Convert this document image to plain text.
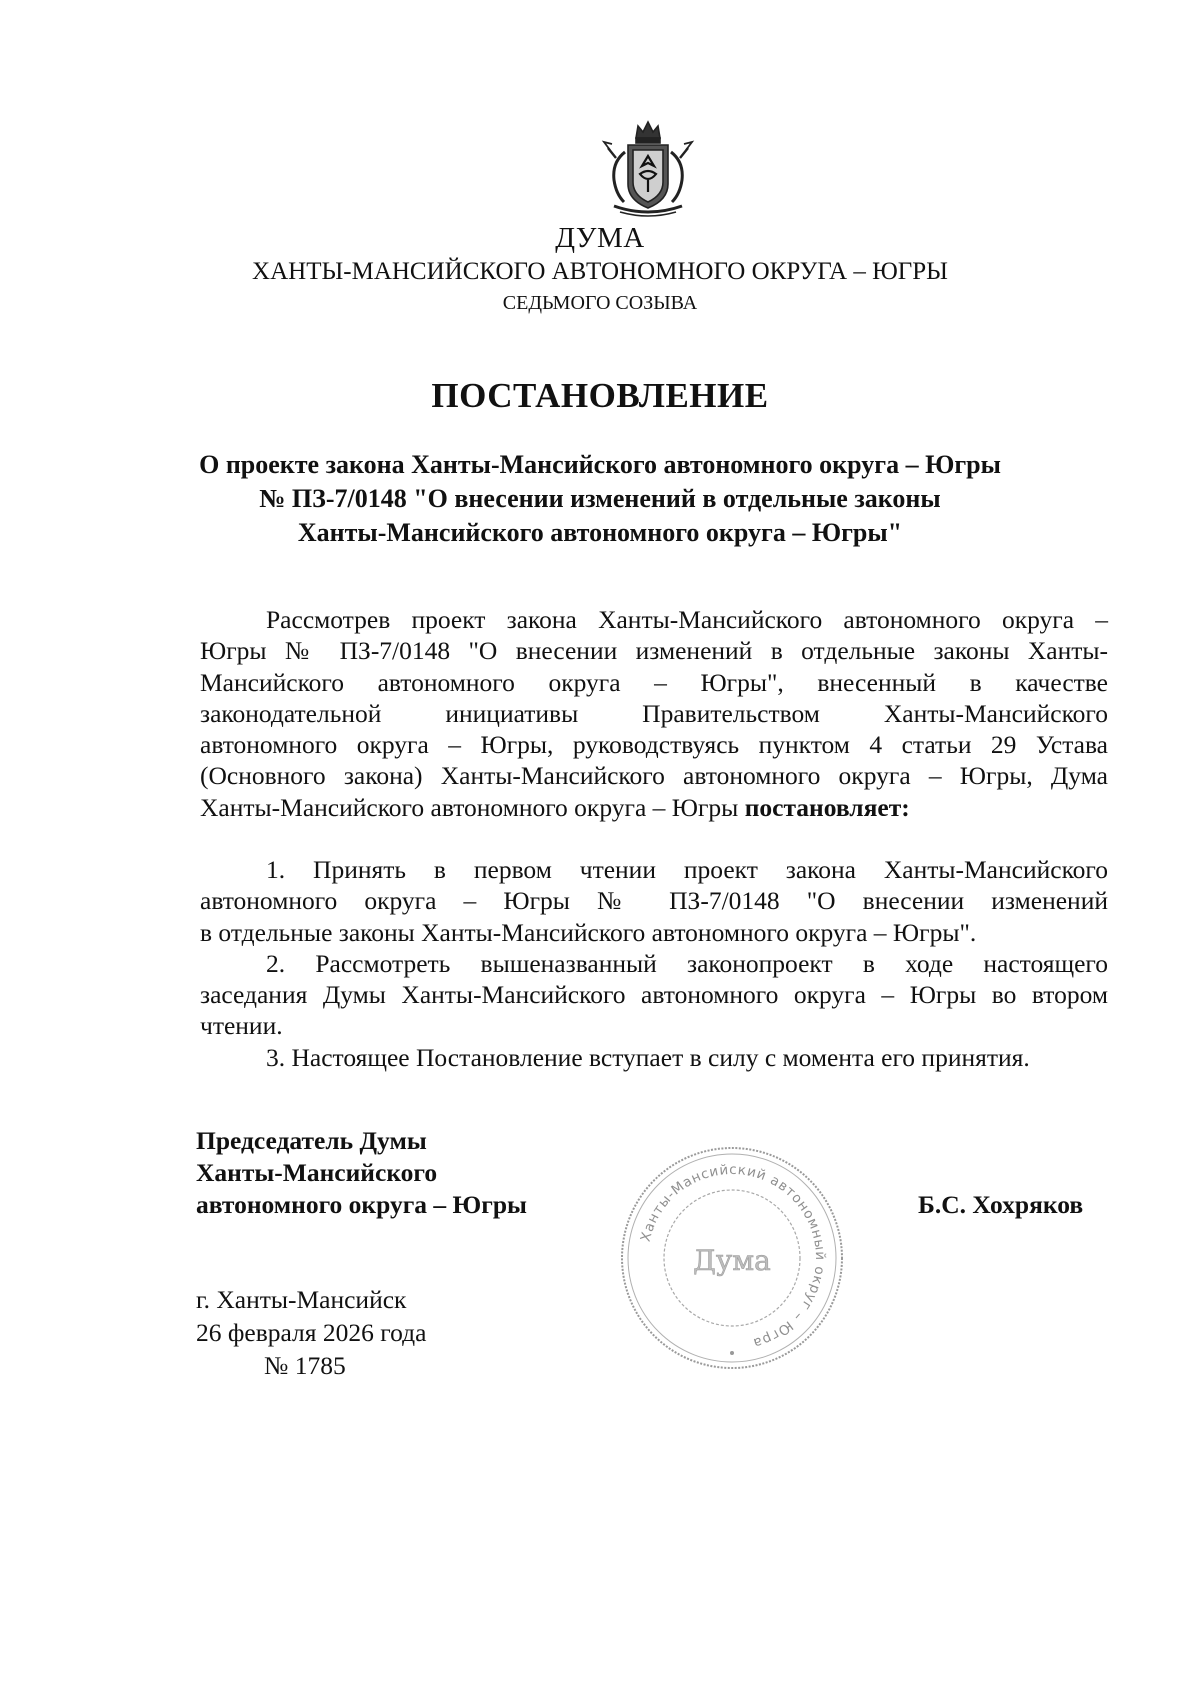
ДУМА
ХАНТЫ-МАНСИЙСКОГО АВТОНОМНОГО ОКРУГА – ЮГРЫ
СЕДЬМОГО СОЗЫВА
ПОСТАНОВЛЕНИЕ
О проекте закона Ханты-Мансийского автономного округа – Югры
№ ПЗ-7/0148 "О внесении изменений в отдельные законы
Ханты-Мансийского автономного округа – Югры"
Рассмотрев проект закона Ханты-Мансийского автономного округа –
Югры № ПЗ-7/0148 "О внесении изменений в отдельные законы Ханты-
Мансийского автономного округа – Югры", внесенный в качестве
законодательной инициативы Правительством Ханты-Мансийского
автономного округа – Югры, руководствуясь пунктом 4 статьи 29 Устава
(Основного закона) Ханты-Мансийского автономного округа – Югры, Дума
Ханты-Мансийского автономного округа – Югры постановляет:
1. Принять в первом чтении проект закона Ханты-Мансийского
автономного округа – Югры № ПЗ-7/0148 "О внесении изменений
в отдельные законы Ханты-Мансийского автономного округа – Югры".
2. Рассмотреть вышеназванный законопроект в ходе настоящего
заседания Думы Ханты-Мансийского автономного округа – Югры во втором
чтении.
3. Настоящее Постановление вступает в силу с момента его принятия.
Председатель Думы
Ханты-Мансийского
автономного округа – Югры
Ханты-Мансийский автономный округ – Югра
Дума
Б.С. Хохряков
г. Ханты-Мансийск
26 февраля 2026 года
№ 1785
